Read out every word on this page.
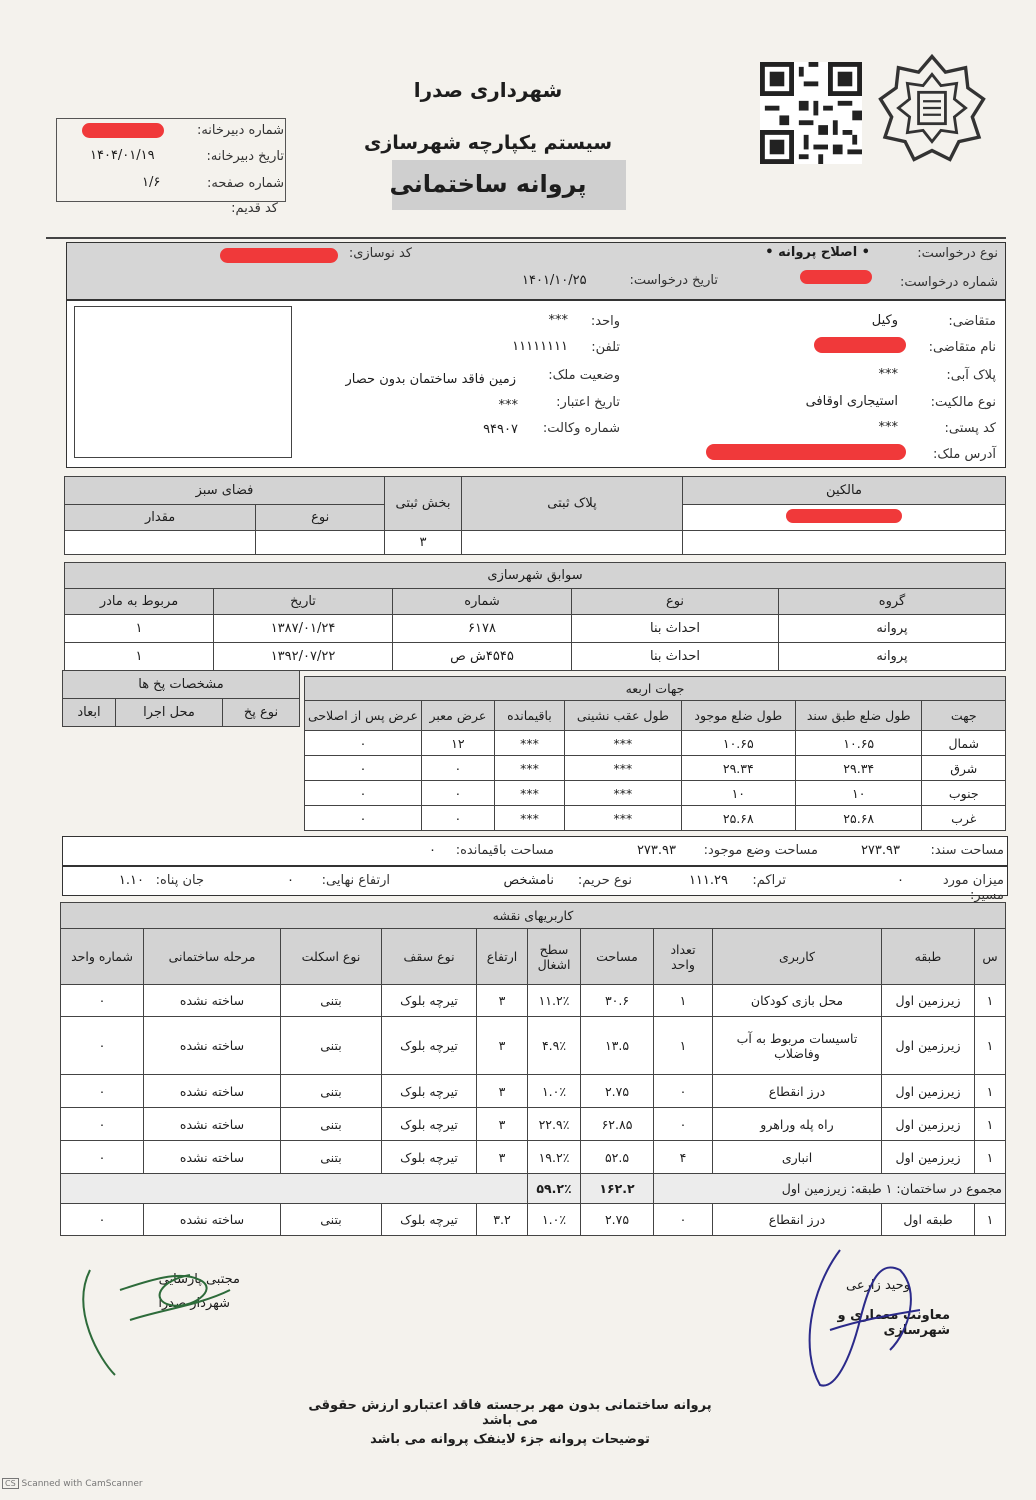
شهرداری صدرا
سیستم یکپارچه شهرسازی
پروانه ساختمانی
شماره دبیرخانه:
تاریخ دبیرخانه:
۱۴۰۴/۰۱/۱۹
شماره صفحه:
۱/۶
کد قدیم:
نوع درخواست:
• اصلاح پروانه •
شماره درخواست:
تاریخ درخواست:
۱۴۰۱/۱۰/۲۵
کد نوسازی:
متقاضی:
وکیل
نام متقاضی:
پلاک آبی:
***
نوع مالکیت:
استیجاری اوقافی
کد پستی:
***
آدرس ملک:
واحد:
***
تلفن:
۱۱۱۱۱۱۱۱
وضعیت ملک:
زمین فاقد ساختمان بدون حصار
تاریخ اعتبار:
***
شماره وکالت:
۹۴۹۰۷
مالکین	پلاک ثبتی	بخش ثبتی	فضای سبز	
			نوع	مقدار
		۳		
سوابق شهرسازی				
گروه	نوع	شماره	تاریخ	مربوط به مادر
پروانه	احداث بنا	۶۱۷۸	۱۳۸۷/۰۱/۲۴	۱
پروانه	احداث بنا	۴۵۴۵ش ص	۱۳۹۲/۰۷/۲۲	۱
مشخصات پخ ها
نوع پخ	محل اجرا	ابعاد
جهات اربعه						
جهت	طول ضلع طبق سند	طول ضلع موجود	طول عقب نشینی	باقیمانده	عرض معبر	عرض پس از اصلاحی
شمال	۱۰.۶۵	۱۰.۶۵	***	***	۱۲	۰
شرق	۲۹.۳۴	۲۹.۳۴	***	***	۰	۰
جنوب	۱۰	۱۰	***	***	۰	۰
غرب	۲۵.۶۸	۲۵.۶۸	***	***	۰	۰
مساحت سند:
۲۷۳.۹۳
مساحت وضع موجود:
۲۷۳.۹۳
مساحت باقیمانده:
۰
میزان مورد مسیر:
۰
تراکم:
۱۱۱.۲۹
نوع حریم:
نامشخص
ارتفاع نهایی:
۰
جان پناه:
۱.۱۰
کاربریهای نقشه										
س	طبقه	کاربری	تعداد واحد	مساحت	سطح اشغال	ارتفاع	نوع سقف	نوع اسکلت	مرحله ساختمانی	شماره واحد
۱	زیرزمین اول	محل بازی کودکان	۱	۳۰.۶	۱۱.۲٪	۳	تیرچه بلوک	بتنی	ساخته نشده	۰
۱	زیرزمین اول	تاسیسات مربوط به آب وفاضلاب	۱	۱۳.۵	۴.۹٪	۳	تیرچه بلوک	بتنی	ساخته نشده	۰
۱	زیرزمین اول	درز انقطاع	۰	۲.۷۵	۱.۰٪	۳	تیرچه بلوک	بتنی	ساخته نشده	۰
۱	زیرزمین اول	راه پله وراهرو	۰	۶۲.۸۵	۲۲.۹٪	۳	تیرچه بلوک	بتنی	ساخته نشده	۰
۱	زیرزمین اول	انباری	۴	۵۲.۵	۱۹.۲٪	۳	تیرچه بلوک	بتنی	ساخته نشده	۰
مجموع در ساختمان: ۱ طبقه: زیرزمین اول				۱۶۲.۲	۵۹.۲٪					
۱	طبقه اول	درز انقطاع	۰	۲.۷۵	۱.۰٪	۳.۲	تیرچه بلوک	بتنی	ساخته نشده	۰
مجتبی پارسایی
شهردار صدرا
وحید زارعی
معاونت معماری و شهرسازی
پروانه ساختمانی بدون مهر برجسته فاقد اعتبارو ارزش حقوقی می باشد
توضیحات پروانه جزء لاینفک پروانه می باشد
CS Scanned with CamScanner
